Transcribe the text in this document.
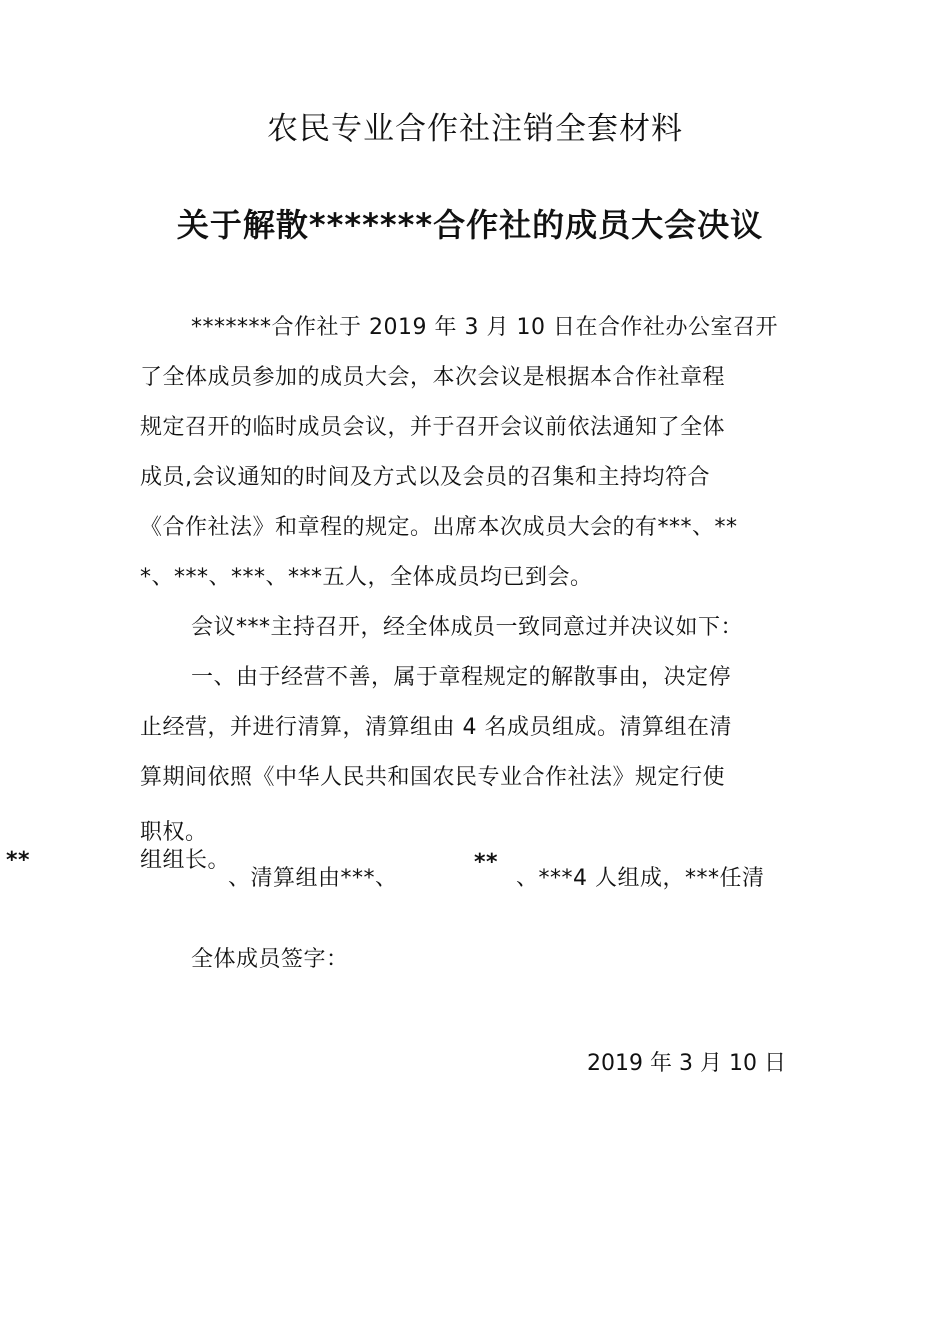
农民专业合作社注销全套材料
关于解散*******合作社的成员大会决议
*******合作社于 2019 年 3 月 10 日在合作社办公室召开
了全体成员参加的成员大会，本次会议是根据本合作社章程
规定召开的临时成员会议，并于召开会议前依法通知了全体
成员,会议通知的时间及方式以及会员的召集和主持均符合
《合作社法》和章程的规定。出席本次成员大会的有***、**
*、***、***、***五人，全体成员均已到会。
会议***主持召开，经全体成员一致同意过并决议如下：
一、由于经营不善，属于章程规定的解散事由，决定停
止经营，并进行清算，清算组由 4 名成员组成。清算组在清
算期间依照《中华人民共和国农民专业合作社法》规定行使
职权。
**	组组长。
、清算组由***、
**
、***4 人组成，***任清
全体成员签字：
2019 年 3 月 10 日
